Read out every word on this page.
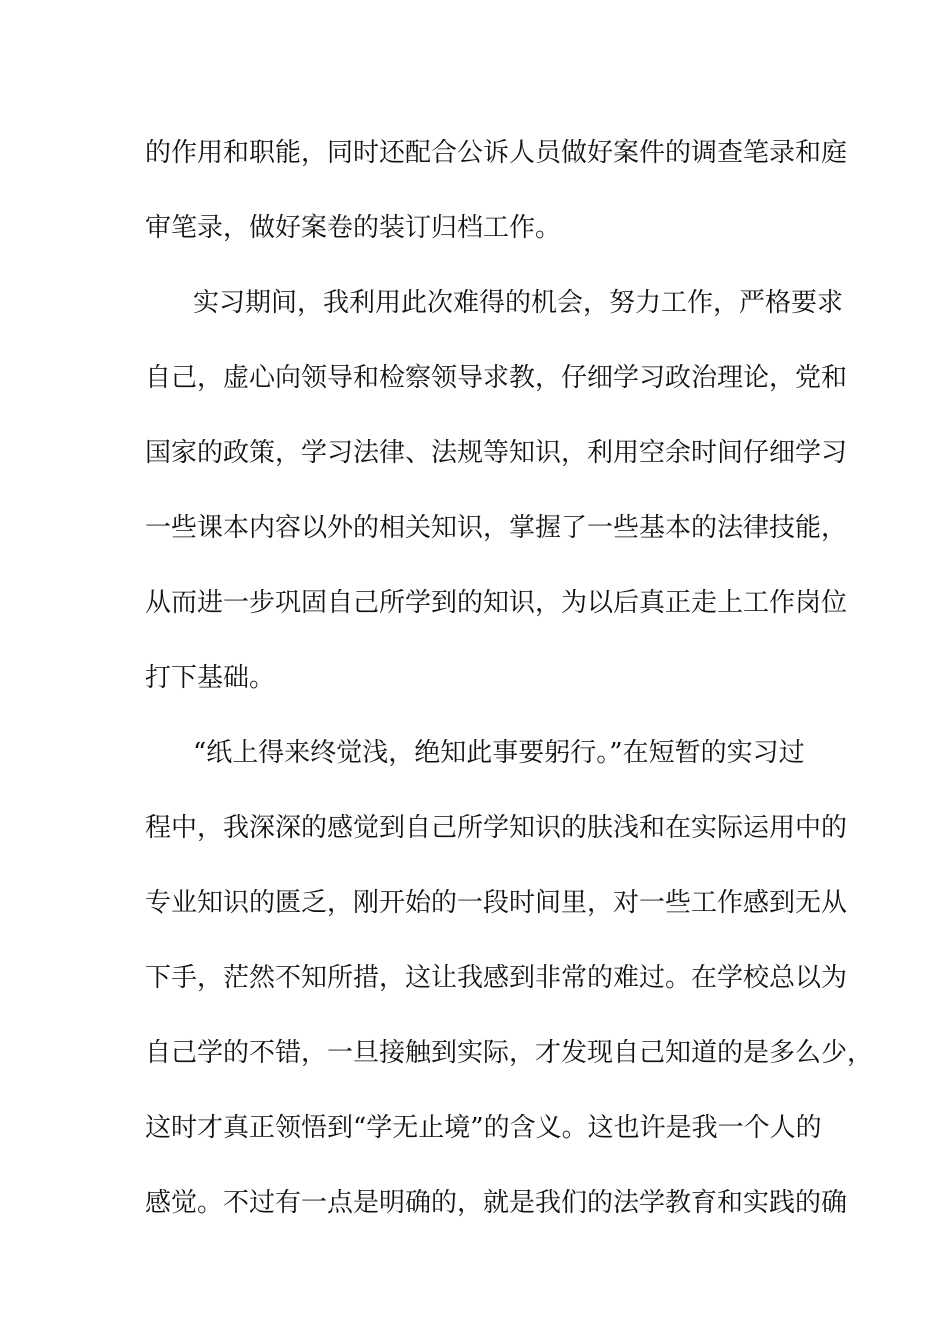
的作用和职能，同时还配合公诉人员做好案件的调查笔录和庭
审笔录，做好案卷的装订归档工作。
实习期间，我利用此次难得的机会，努力工作，严格要求
自己，虚心向领导和检察领导求教，仔细学习政治理论，党和
国家的政策，学习法律、法规等知识，利用空余时间仔细学习
一些课本内容以外的相关知识，掌握了一些基本的法律技能，
从而进一步巩固自己所学到的知识，为以后真正走上工作岗位
打下基础。
“纸上得来终觉浅，绝知此事要躬行。”在短暂的实习过
程中，我深深的感觉到自己所学知识的肤浅和在实际运用中的
专业知识的匮乏，刚开始的一段时间里，对一些工作感到无从
下手，茫然不知所措，这让我感到非常的难过。在学校总以为
自己学的不错，一旦接触到实际，才发现自己知道的是多么少，
这时才真正领悟到“学无止境”的含义。这也许是我一个人的
感觉。不过有一点是明确的，就是我们的法学教育和实践的确
